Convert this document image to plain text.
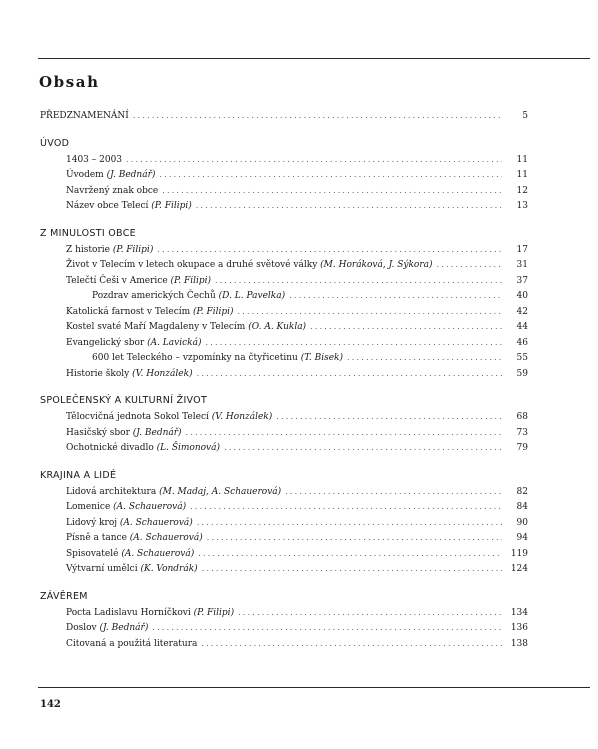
Obsah
PŘEDZNAMENÁNÍ .....	5
ÚVOD
1403 – 2003 .....	11
Úvodem (J. Bednář) .....	11
Navržený znak obce .....	12
Název obce Telecí (P. Filipi) .....	13
Z MINULOSTI OBCE
Z historie (P. Filipi) .....	17
Život v Telecím v letech okupace a druhé světové války (M. Horáková, J. Sýkora) .....	31
Telečtí Češi v Americe (P. Filipi) .....	37
Pozdrav amerických Čechů (D. L. Pavelka) .....	40
Katolická farnost v Telecím (P. Filipi) .....	42
Kostel svaté Maří Magdaleny v Telecím (O. A. Kukla) .....	44
Evangelický sbor (A. Lavická) .....	46
600 let Teleckého – vzpomínky na čtyřicetinu (T. Bisek) .....	55
Historie školy (V. Honzálek) .....	59
SPOLEČENSKÝ A KULTURNÍ ŽIVOT
Tělocvičná jednota Sokol Telecí (V. Honzálek) .....	68
Hasičský sbor (J. Bednář) .....	73
Ochotnické divadlo (L. Šimonová) .....	79
KRAJINA A LIDÉ
Lidová architektura (M. Madaj, A. Schauerová) .....	82
Lomenice (A. Schauerová) .....	84
Lidový kroj (A. Schauerová) .....	90
Písně a tance (A. Schauerová) .....	94
Spisovatelé (A. Schauerová) .....	119
Výtvarní umělci (K. Vondrák) .....	124
ZÁVĚREM
Pocta Ladislavu Horníčkovi (P. Filipi) .....	134
Doslov (J. Bednář) .....	136
Citovaná a použitá literatura .....	138
142
